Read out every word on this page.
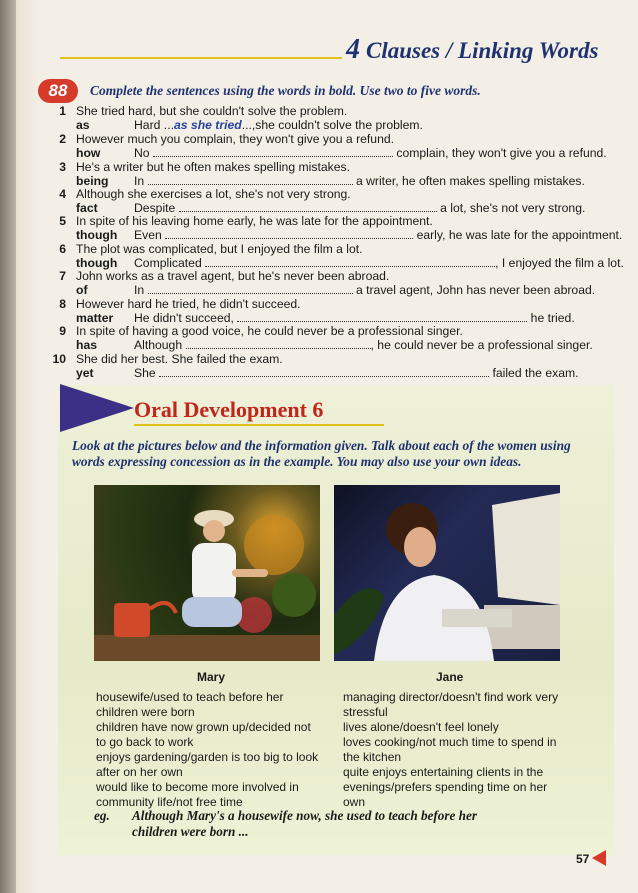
4 Clauses / Linking Words
88	Complete the sentences using the words in bold. Use two to five words.
1 She tried hard, but she couldn't solve the problem.
as	Hard ...as she tried...,she couldn't solve the problem.
2 However much you complain, they won't give you a refund.
how	No	complain, they won't give you a refund.
3 He's a writer but he often makes spelling mistakes.
being In	a writer, he often makes spelling mistakes.
4 Although she exercises a lot, she's not very strong.
fact	Despite	a lot, she's not very strong.
5 In spite of his leaving home early, he was late for the appointment.
though Even	early, he was late for the appointment.
6 The plot was complicated, but I enjoyed the film a lot.
though Complicated	, I enjoyed the film a lot.
7 John works as a travel agent, but he's never been abroad.
of	In	a travel agent, John has never been abroad.
8 However hard he tried, he didn't succeed.
matter He didn't succeed,	he tried.
9 In spite of having a good voice, he could never be a professional singer.
has	Although	, he could never be a professional singer.
10 She did her best. She failed the exam.
yet	She	failed the exam.
Oral Development 6
Look at the pictures below and the information given. Talk about each of the women using words expressing concession as in the example. You may also use your own ideas.
Mary	Jane
housewife/used to teach before her
children were born
children have now grown up/decided not
to go back to work
enjoys gardening/garden is too big to look
after on her own
would like to become more involved in
community life/not free time
managing director/doesn't find work very
stressful
lives alone/doesn't feel lonely
loves cooking/not much time to spend in
the kitchen
quite enjoys entertaining clients in the
evenings/prefers spending time on her
own
eg. Although Mary's a housewife now, she used to teach before her
children were born ...
57
